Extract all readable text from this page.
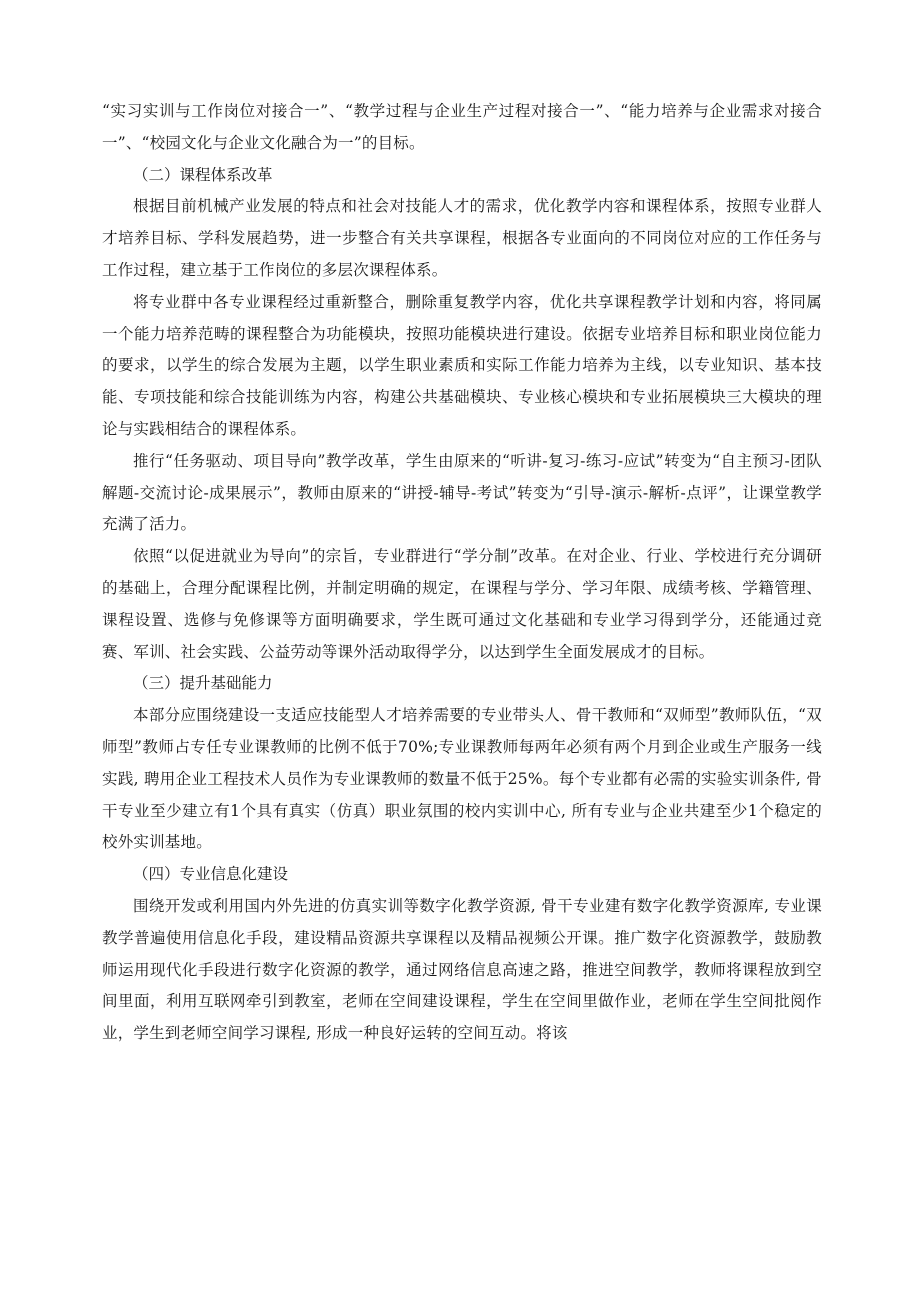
“实习实训与工作岗位对接合一”、“教学过程与企业生产过程对接合一”、“能力培养与企业需求对接合一”、“校园文化与企业文化融合为一”的目标。

（二）课程体系改革

根据目前机械产业发展的特点和社会对技能人才的需求，优化教学内容和课程体系，按照专业群人才培养目标、学科发展趋势，进一步整合有关共享课程，根据各专业面向的不同岗位对应的工作任务与工作过程，建立基于工作岗位的多层次课程体系。

将专业群中各专业课程经过重新整合，删除重复教学内容，优化共享课程教学计划和内容，将同属一个能力培养范畴的课程整合为功能模块，按照功能模块进行建设。依据专业培养目标和职业岗位能力的要求，以学生的综合发展为主题，以学生职业素质和实际工作能力培养为主线，以专业知识、基本技能、专项技能和综合技能训练为内容，构建公共基础模块、专业核心模块和专业拓展模块三大模块的理论与实践相结合的课程体系。

推行“任务驱动、项目导向”教学改革，学生由原来的“听讲-复习-练习-应试”转变为“自主预习-团队解题-交流讨论-成果展示”，教师由原来的“讲授-辅导-考试”转变为“引导-演示-解析-点评”，让课堂教学充满了活力。

依照“以促进就业为导向”的宗旨，专业群进行“学分制”改革。在对企业、行业、学校进行充分调研的基础上，合理分配课程比例，并制定明确的规定，在课程与学分、学习年限、成绩考核、学籍管理、课程设置、选修与免修课等方面明确要求，学生既可通过文化基础和专业学习得到学分，还能通过竞赛、军训、社会实践、公益劳动等课外活动取得学分，以达到学生全面发展成才的目标。

（三）提升基础能力

本部分应围绕建设一支适应技能型人才培养需要的专业带头人、骨干教师和“双师型”教师队伍，“双师型”教师占专任专业课教师的比例不低于70%;专业课教师每两年必须有两个月到企业或生产服务一线实践, 聘用企业工程技术人员作为专业课教师的数量不低于25%。每个专业都有必需的实验实训条件, 骨干专业至少建立有1个具有真实（仿真）职业氛围的校内实训中心, 所有专业与企业共建至少1个稳定的校外实训基地。

（四）专业信息化建设

围绕开发或利用国内外先进的仿真实训等数字化教学资源, 骨干专业建有数字化教学资源库, 专业课教学普遍使用信息化手段，建设精品资源共享课程以及精品视频公开课。推广数字化资源教学，鼓励教师运用现代化手段进行数字化资源的教学，通过网络信息高速之路，推进空间教学，教师将课程放到空间里面，利用互联网牵引到教室，老师在空间建设课程，学生在空间里做作业，老师在学生空间批阅作业，学生到老师空间学习课程, 形成一种良好运转的空间互动。将该
